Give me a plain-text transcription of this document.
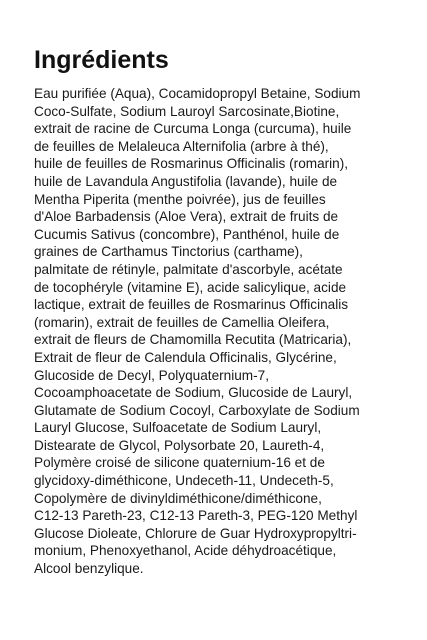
Ingrédients

Eau purifiée (Aqua), Cocamidopropyl Betaine, Sodium
Coco-Sulfate, Sodium Lauroyl Sarcosinate,Biotine,
extrait de racine de Curcuma Longa (curcuma), huile
de feuilles de Melaleuca Alternifolia (arbre à thé),
huile de feuilles de Rosmarinus Officinalis (romarin),
huile de Lavandula Angustifolia (lavande), huile de
Mentha Piperita (menthe poivrée), jus de feuilles
d'Aloe Barbadensis (Aloe Vera), extrait de fruits de
Cucumis Sativus (concombre), Panthénol, huile de
graines de Carthamus Tinctorius (carthame),
palmitate de rétinyle, palmitate d'ascorbyle, acétate
de tocophéryle (vitamine E), acide salicylique, acide
lactique, extrait de feuilles de Rosmarinus Officinalis
(romarin), extrait de feuilles de Camellia Oleifera,
extrait de fleurs de Chamomilla Recutita (Matricaria),
Extrait de fleur de Calendula Officinalis, Glycérine,
Glucoside de Decyl, Polyquaternium-7,
Cocoamphoacetate de Sodium, Glucoside de Lauryl,
Glutamate de Sodium Cocoyl, Carboxylate de Sodium
Lauryl Glucose, Sulfoacetate de Sodium Lauryl,
Distearate de Glycol, Polysorbate 20, Laureth-4,
Polymère croisé de silicone quaternium-16 et de
glycidoxy-diméthicone, Undeceth-11, Undeceth-5,
Copolymère de divinyldiméthicone/diméthicone,
C12-13 Pareth-23, C12-13 Pareth-3, PEG-120 Methyl
Glucose Dioleate, Chlorure de Guar Hydroxypropyltri-
monium, Phenoxyethanol, Acide déhydroacétique,
Alcool benzylique.
